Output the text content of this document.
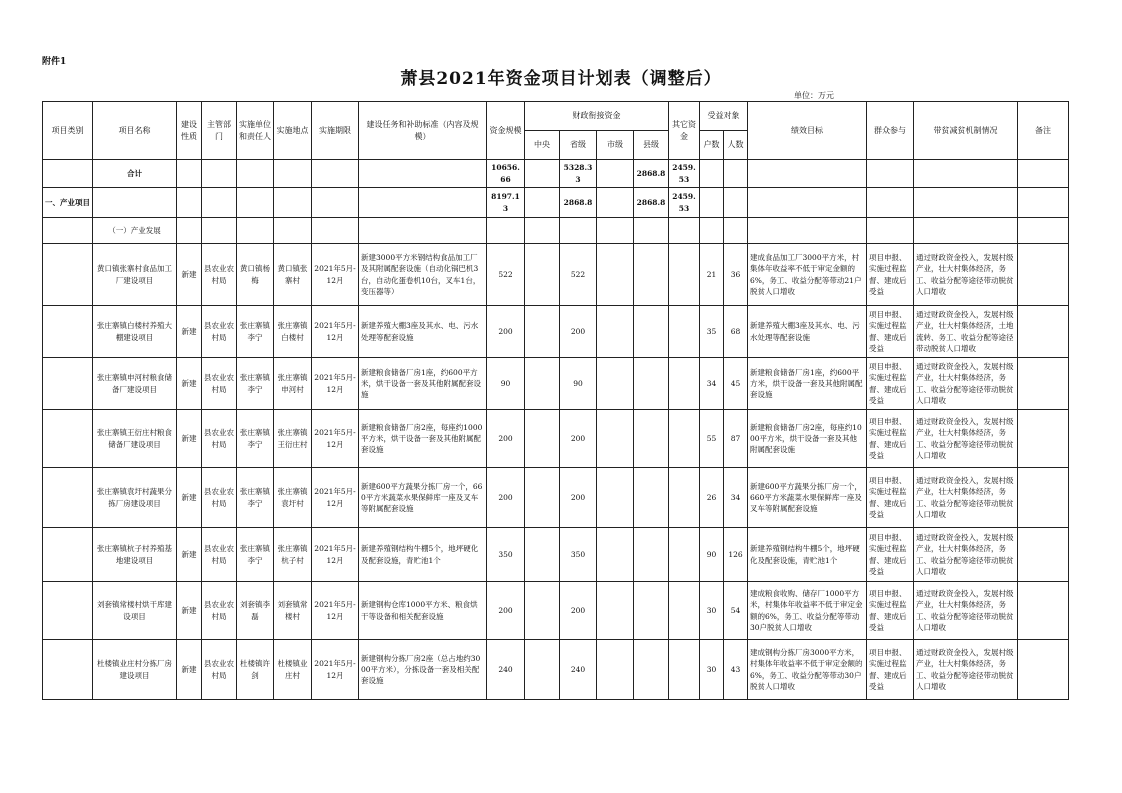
附件1
萧县2021年资金项目计划表（调整后）
单位：万元
项目类别	项目名称	建设性质	主管部门	实施单位和责任人	实施地点	实施期限	建设任务和补助标准（内容及规模）	资金规模	财政衔接资金				其它资金	受益对象		绩效目标	群众参与	带贫减贫机制情况	备注
									中央	省级	市级	县级		户数	人数				
	合计							10656.66		5328.33		2868.8	2459.53						
一、产业项目								8197.13		2868.8		2868.8	2459.53						
	（一）产业发展																		
	黄口镇张寨村食品加工厂建设项目	新建	县农业农村局	黄口镇杨梅	黄口镇张寨村	2021年5月-12月	新建3000平方米钢结构食品加工厂及其附属配套设施（自动化锅巴机3台，自动化蛋卷机10台，叉车1台，变压器等）	522		522				21	36	建成食品加工厂3000平方米，村集体年收益率不低于审定金额的6%，务工、收益分配等带动21户脱贫人口增收	项目申报、实施过程监督、建成后受益	通过财政资金投入，发展村级产业，壮大村集体经济，务工、收益分配等途径带动脱贫人口增收	
	张庄寨镇白楼村养殖大棚建设项目	新建	县农业农村局	张庄寨镇李宁	张庄寨镇白楼村	2021年5月-12月	新建养殖大棚3座及其水、电、污水处理等配套设施	200		200				35	68	新建养殖大棚3座及其水、电、污水处理等配套设施	项目申报、实施过程监督、建成后受益	通过财政资金投入，发展村级产业，壮大村集体经济，土地流转、务工、收益分配等途径带动脱贫人口增收	
	张庄寨镇申河村粮食储备厂建设项目	新建	县农业农村局	张庄寨镇李宁	张庄寨镇申河村	2021年5月-12月	新建粮食储备厂房1座，约600平方米，烘干设备一套及其他附属配套设施	90		90				34	45	新建粮食储备厂房1座，约600平方米，烘干设备一套及其他附属配套设施	项目申报、实施过程监督、建成后受益	通过财政资金投入，发展村级产业，壮大村集体经济，务工、收益分配等途径带动脱贫人口增收	
	张庄寨镇王衍庄村粮食储备厂建设项目	新建	县农业农村局	张庄寨镇李宁	张庄寨镇王衍庄村	2021年5月-12月	新建粮食储备厂房2座，每座约1000平方米，烘干设备一套及其他附属配套设施	200		200				55	87	新建粮食储备厂房2座，每座约1000平方米，烘干设备一套及其他附属配套设施	项目申报、实施过程监督、建成后受益	通过财政资金投入，发展村级产业，壮大村集体经济，务工、收益分配等途径带动脱贫人口增收	
	张庄寨镇袁圩村蔬果分拣厂房建设项目	新建	县农业农村局	张庄寨镇李宁	张庄寨镇袁圩村	2021年5月-12月	新建600平方蔬果分拣厂房一个，660平方米蔬菜水果保鲜库一座及叉车等附属配套设施	200		200				26	34	新建600平方蔬果分拣厂房一个，660平方米蔬菜水果保鲜库一座及叉车等附属配套设施	项目申报、实施过程监督、建成后受益	通过财政资金投入，发展村级产业，壮大村集体经济，务工、收益分配等途径带动脱贫人口增收	
	张庄寨镇杭子村养殖基地建设项目	新建	县农业农村局	张庄寨镇李宁	张庄寨镇杭子村	2021年5月-12月	新建养殖钢结构牛棚5个，地坪硬化及配套设施，青贮池1个	350		350				90	126	新建养殖钢结构牛棚5个，地坪硬化及配套设施，青贮池1个	项目申报、实施过程监督、建成后受益	通过财政资金投入，发展村级产业，壮大村集体经济，务工、收益分配等途径带动脱贫人口增收	
	刘套镇常楼村烘干库建设项目	新建	县农业农村局	刘套镇李磊	刘套镇常楼村	2021年5月-12月	新建钢构仓库1000平方米、粮食烘干等设备和相关配套设施	200		200				30	54	建成粮食收购、储存厂1000平方米，村集体年收益率不低于审定金额的6%，务工、收益分配等带动30户脱贫人口增收	项目申报、实施过程监督、建成后受益	通过财政资金投入，发展村级产业，壮大村集体经济，务工、收益分配等途径带动脱贫人口增收	
	杜楼镇业庄村分拣厂房建设项目	新建	县农业农村局	杜楼镇许剑	杜楼镇业庄村	2021年5月-12月	新建钢构分拣厂房2座（总占地约3000平方米），分拣设备一套及相关配套设施	240		240				30	43	建成钢构分拣厂房3000平方米，村集体年收益率不低于审定金额的6%，务工、收益分配等带动30户脱贫人口增收	项目申报、实施过程监督、建成后受益	通过财政资金投入，发展村级产业，壮大村集体经济，务工、收益分配等途径带动脱贫人口增收	
